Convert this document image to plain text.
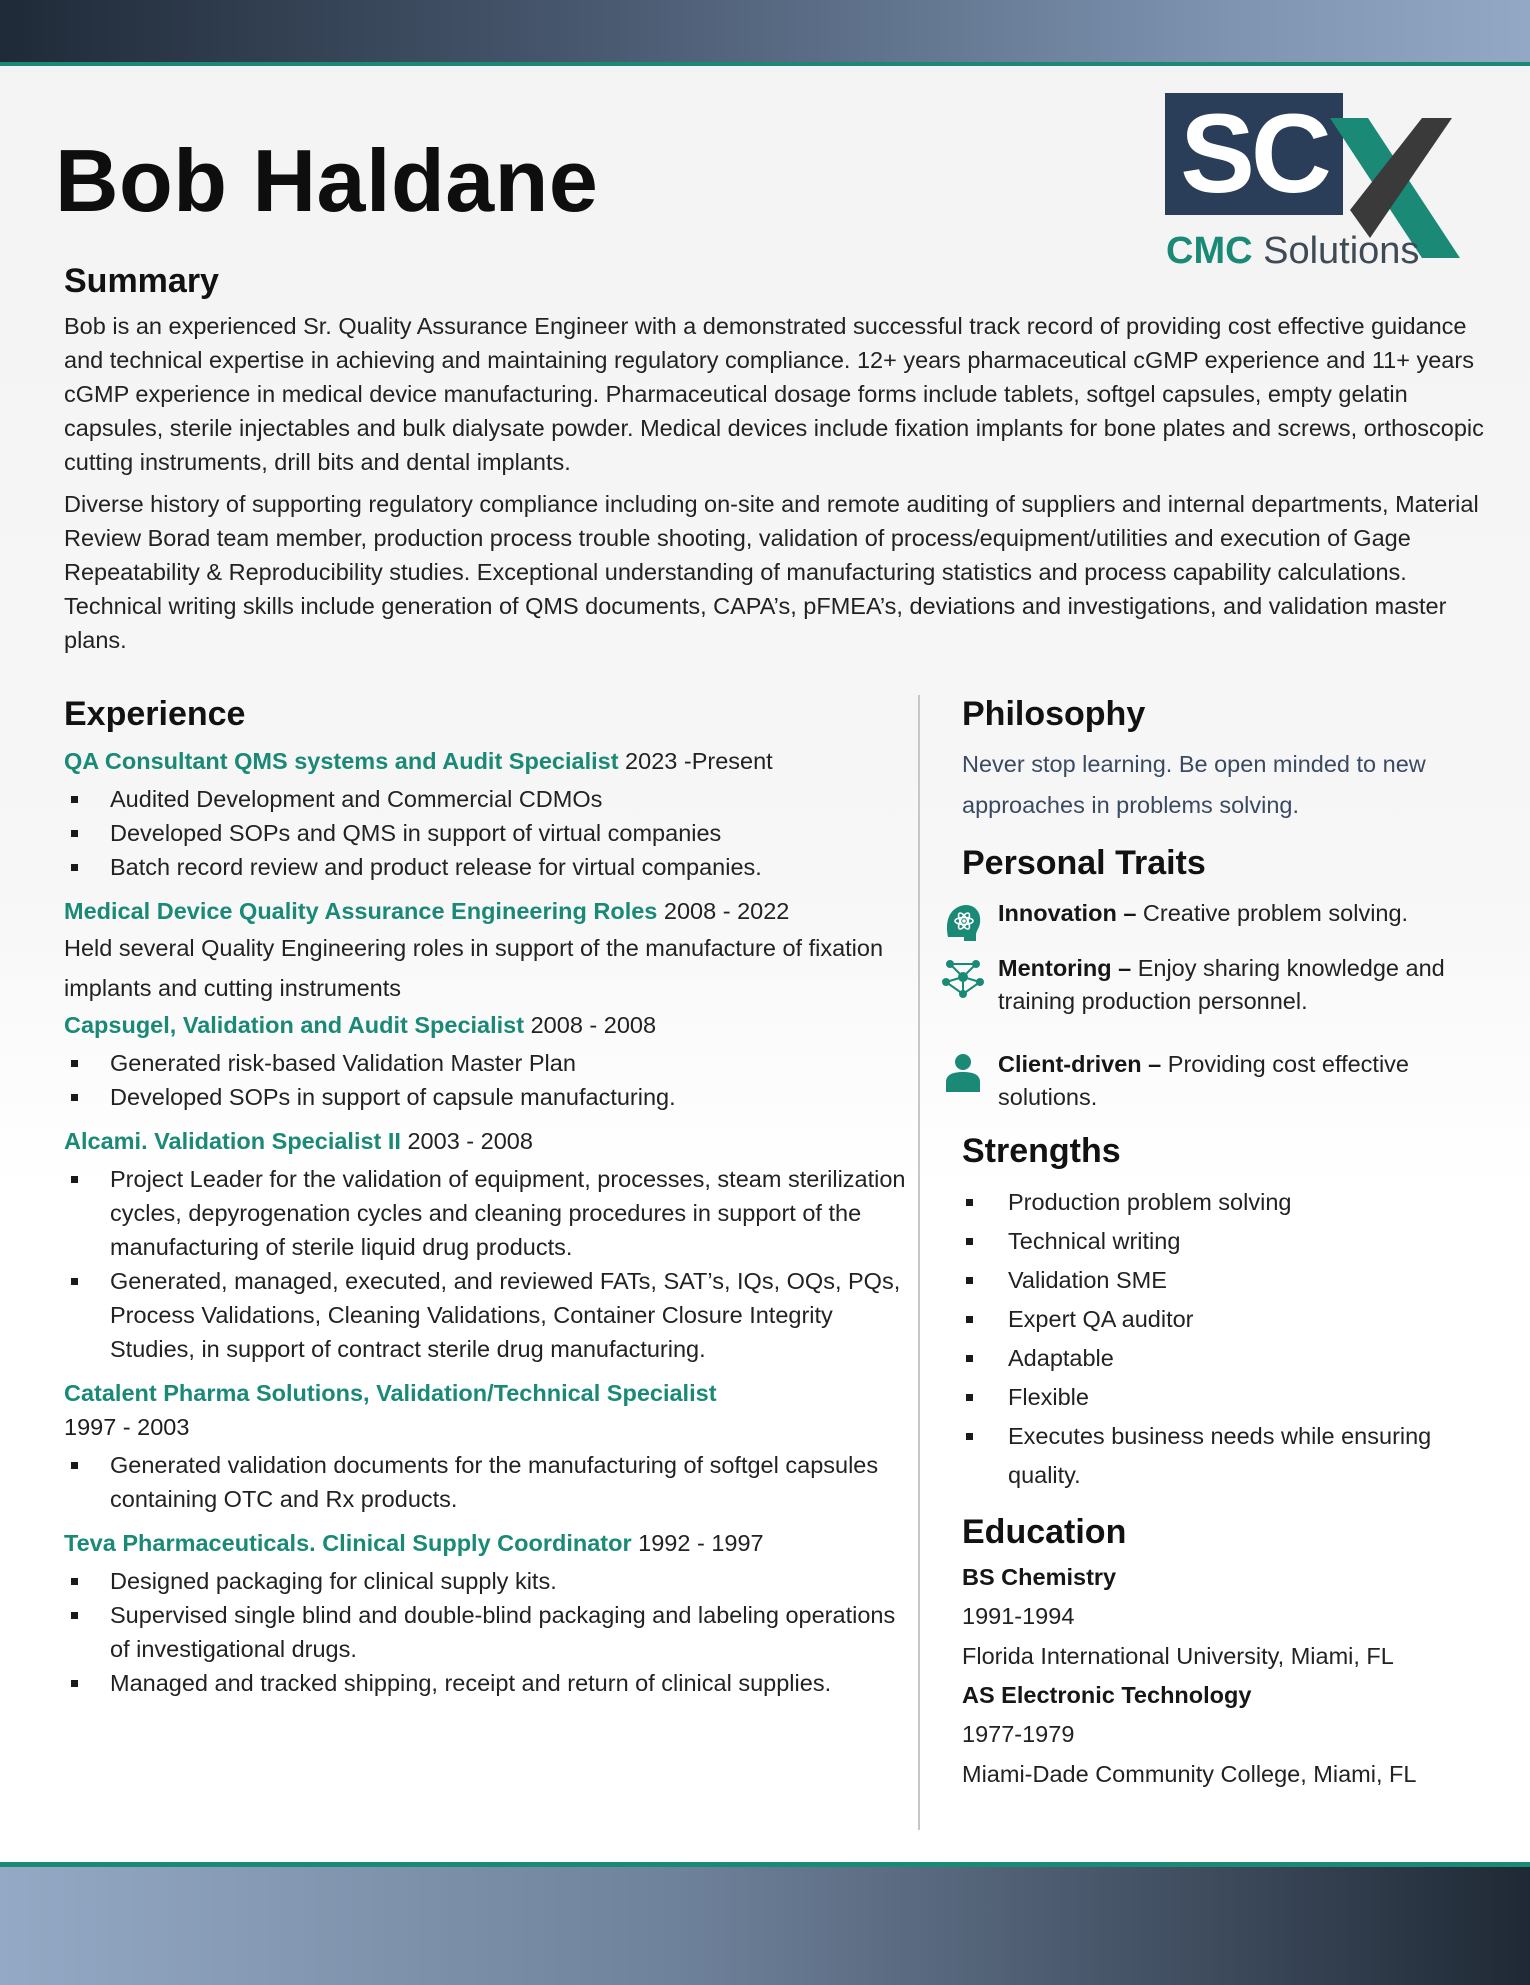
Bob Haldane	SC
CMC Solutions
Summary

Bob is an experienced Sr. Quality Assurance Engineer with a demonstrated successful track record of providing cost effective guidance and technical expertise in achieving and maintaining regulatory compliance. 12+ years pharmaceutical cGMP experience and 11+ years cGMP experience in medical device manufacturing. Pharmaceutical dosage forms include tablets, softgel capsules, empty gelatin capsules, sterile injectables and bulk dialysate powder. Medical devices include fixation implants for bone plates and screws, orthoscopic cutting instruments, drill bits and dental implants.

Diverse history of supporting regulatory compliance including on-site and remote auditing of suppliers and internal departments, Material Review Borad team member, production process trouble shooting, validation of process/equipment/utilities and execution of Gage Repeatability & Reproducibility studies. Exceptional understanding of manufacturing statistics and process capability calculations. Technical writing skills include generation of QMS documents, CAPA’s, pFMEA’s, deviations and investigations, and validation master plans.

Experience
QA Consultant QMS systems and Audit Specialist 2023 -Present
Audited Development and Commercial CDMOs
Developed SOPs and QMS in support of virtual companies
Batch record review and product release for virtual companies.
Medical Device Quality Assurance Engineering Roles 2008 - 2022

Held several Quality Engineering roles in support of the manufacture of fixation implants and cutting instruments

Capsugel, Validation and Audit Specialist 2008 - 2008
Generated risk-based Validation Master Plan
Developed SOPs in support of capsule manufacturing.
Alcami. Validation Specialist II 2003 - 2008
Project Leader for the validation of equipment, processes, steam sterilization cycles, depyrogenation cycles and cleaning procedures in support of the manufacturing of sterile liquid drug products.
Generated, managed, executed, and reviewed FATs, SAT’s, IQs, OQs, PQs, Process Validations, Cleaning Validations, Container Closure Integrity Studies, in support of contract sterile drug manufacturing.
Catalent Pharma Solutions, Validation/Technical Specialist
1997 - 2003
Generated validation documents for the manufacturing of softgel capsules containing OTC and Rx products.
Teva Pharmaceuticals. Clinical Supply Coordinator 1992 - 1997
Designed packaging for clinical supply kits.
Supervised single blind and double-blind packaging and labeling operations of investigational drugs.
Managed and tracked shipping, receipt and return of clinical supplies.
Philosophy

Never stop learning. Be open minded to new approaches in problems solving.

Personal Traits
Innovation – Creative problem solving.
Mentoring – Enjoy sharing knowledge and training production personnel.
Client-driven – Providing cost effective solutions.
Strengths
Production problem solving
Technical writing
Validation SME
Expert QA auditor
Adaptable
Flexible
Executes business needs while ensuring quality.
Education
BS Chemistry
1991-1994
Florida International University, Miami, FL
AS Electronic Technology
1977-1979
Miami-Dade Community College, Miami, FL
